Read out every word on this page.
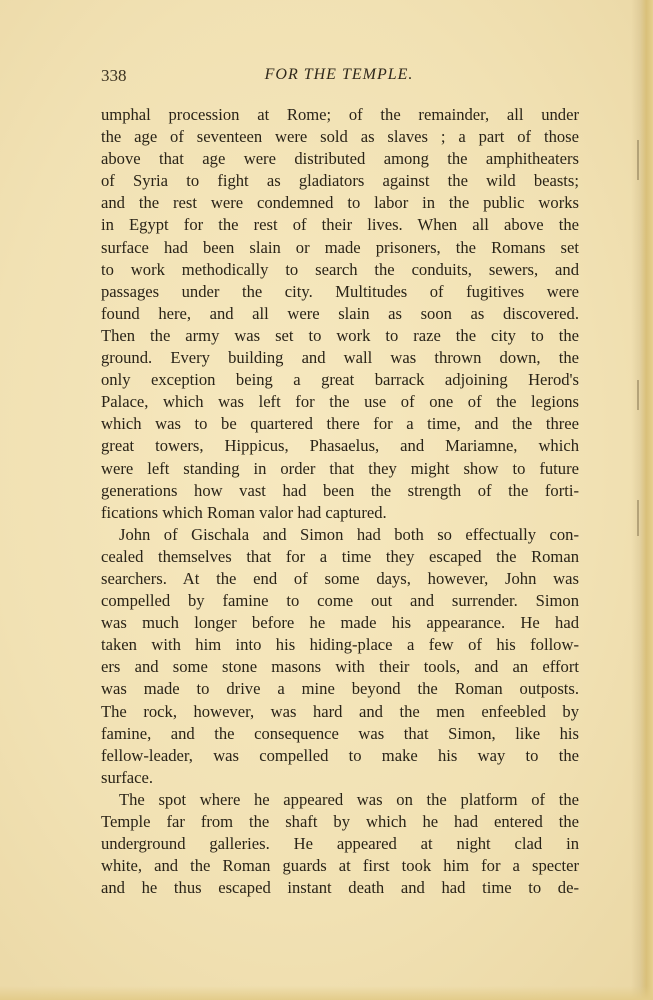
338	FOR THE TEMPLE.
umphal procession at Rome; of the remainder, all under
the age of seventeen were sold as slaves ; a part of those
above that age were distributed among the amphitheaters
of Syria to fight as gladiators against the wild beasts;
and the rest were condemned to labor in the public works
in Egypt for the rest of their lives. When all above the
surface had been slain or made prisoners, the Romans set
to work methodically to search the conduits, sewers, and
passages under the city. Multitudes of fugitives were
found here, and all were slain as soon as discovered.
Then the army was set to work to raze the city to the
ground. Every building and wall was thrown down, the
only exception being a great barrack adjoining Herod's
Palace, which was left for the use of one of the legions
which was to be quartered there for a time, and the three
great towers, Hippicus, Phasaelus, and Mariamne, which
were left standing in order that they might show to future
generations how vast had been the strength of the forti-
fications which Roman valor had captured.
John of Gischala and Simon had both so effectually con-
cealed themselves that for a time they escaped the Roman
searchers. At the end of some days, however, John was
compelled by famine to come out and surrender. Simon
was much longer before he made his appearance. He had
taken with him into his hiding-place a few of his follow-
ers and some stone masons with their tools, and an effort
was made to drive a mine beyond the Roman outposts.
The rock, however, was hard and the men enfeebled by
famine, and the consequence was that Simon, like his
fellow-leader, was compelled to make his way to the
surface.
The spot where he appeared was on the platform of the
Temple far from the shaft by which he had entered the
underground galleries. He appeared at night clad in
white, and the Roman guards at first took him for a specter
and he thus escaped instant death and had time to de-
